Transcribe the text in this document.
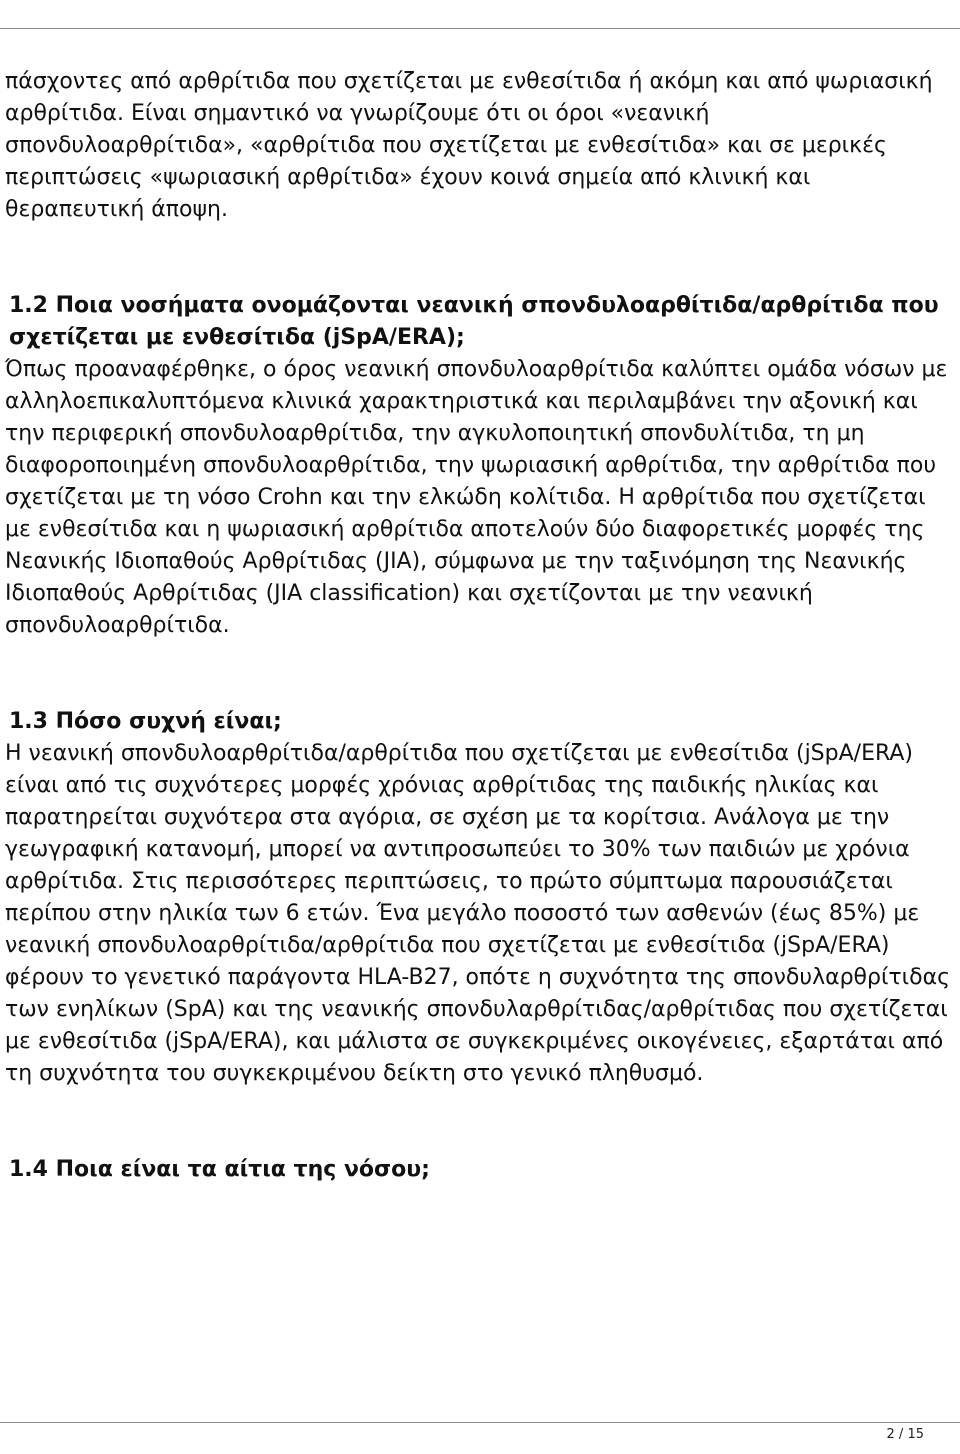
πάσχοντες από αρθρίτιδα που σχετίζεται με ενθεσίτιδα ή ακόμη και από ψωριασική αρθρίτιδα. Είναι σημαντικό να γνωρίζουμε ότι οι όροι «νεανική σπονδυλοαρθρίτιδα», «αρθρίτιδα που σχετίζεται με ενθεσίτιδα» και σε μερικές περιπτώσεις «ψωριασική αρθρίτιδα» έχουν κοινά σημεία από κλινική και θεραπευτική άποψη.

1.2 Ποια νοσήματα ονομάζονται νεανική σπονδυλοαρθίτιδα/αρθρίτιδα που σχετίζεται με ενθεσίτιδα (jSpA/ERA);

Όπως προαναφέρθηκε, ο όρος νεανική σπονδυλοαρθρίτιδα καλύπτει ομάδα νόσων με αλληλοεπικαλυπτόμενα κλινικά χαρακτηριστικά και περιλαμβάνει την αξονική και την περιφερική σπονδυλοαρθρίτιδα, την αγκυλοποιητική σπονδυλίτιδα, τη μη διαφοροποιημένη σπονδυλοαρθρίτιδα, την ψωριασική αρθρίτιδα, την αρθρίτιδα που σχετίζεται με τη νόσο Crohn και την ελκώδη κολίτιδα. Η αρθρίτιδα που σχετίζεται με ενθεσίτιδα και η ψωριασική αρθρίτιδα αποτελούν δύο διαφορετικές μορφές της Νεανικής Ιδιοπαθούς Αρθρίτιδας (JIA), σύμφωνα με την ταξινόμηση της Νεανικής Ιδιοπαθούς Αρθρίτιδας (JIA classification) και σχετίζονται με την νεανική σπονδυλοαρθρίτιδα.

1.3 Πόσο συχνή είναι;

Η νεανική σπονδυλοαρθρίτιδα/αρθρίτιδα που σχετίζεται με ενθεσίτιδα (jSpA/ERA) είναι από τις συχνότερες μορφές χρόνιας αρθρίτιδας της παιδικής ηλικίας και παρατηρείται συχνότερα στα αγόρια, σε σχέση με τα κορίτσια. Ανάλογα με την γεωγραφική κατανομή, μπορεί να αντιπροσωπεύει το 30% των παιδιών με χρόνια αρθρίτιδα. Στις περισσότερες περιπτώσεις, το πρώτο σύμπτωμα παρουσιάζεται περίπου στην ηλικία των 6 ετών. Ένα μεγάλο ποσοστό των ασθενών (έως 85%) με νεανική σπονδυλοαρθρίτιδα/αρθρίτιδα που σχετίζεται με ενθεσίτιδα (jSpA/ERA) φέρουν το γενετικό παράγοντα HLA-B27, οπότε η συχνότητα της σπονδυλαρθρίτιδας των ενηλίκων (SpA) και της νεανικής σπονδυλαρθρίτιδας/αρθρίτιδας που σχετίζεται με ενθεσίτιδα (jSpA/ERA), και μάλιστα σε συγκεκριμένες οικογένειες, εξαρτάται από τη συχνότητα του συγκεκριμένου δείκτη στο γενικό πληθυσμό.

1.4 Ποια είναι τα αίτια της νόσου;
2 / 15
